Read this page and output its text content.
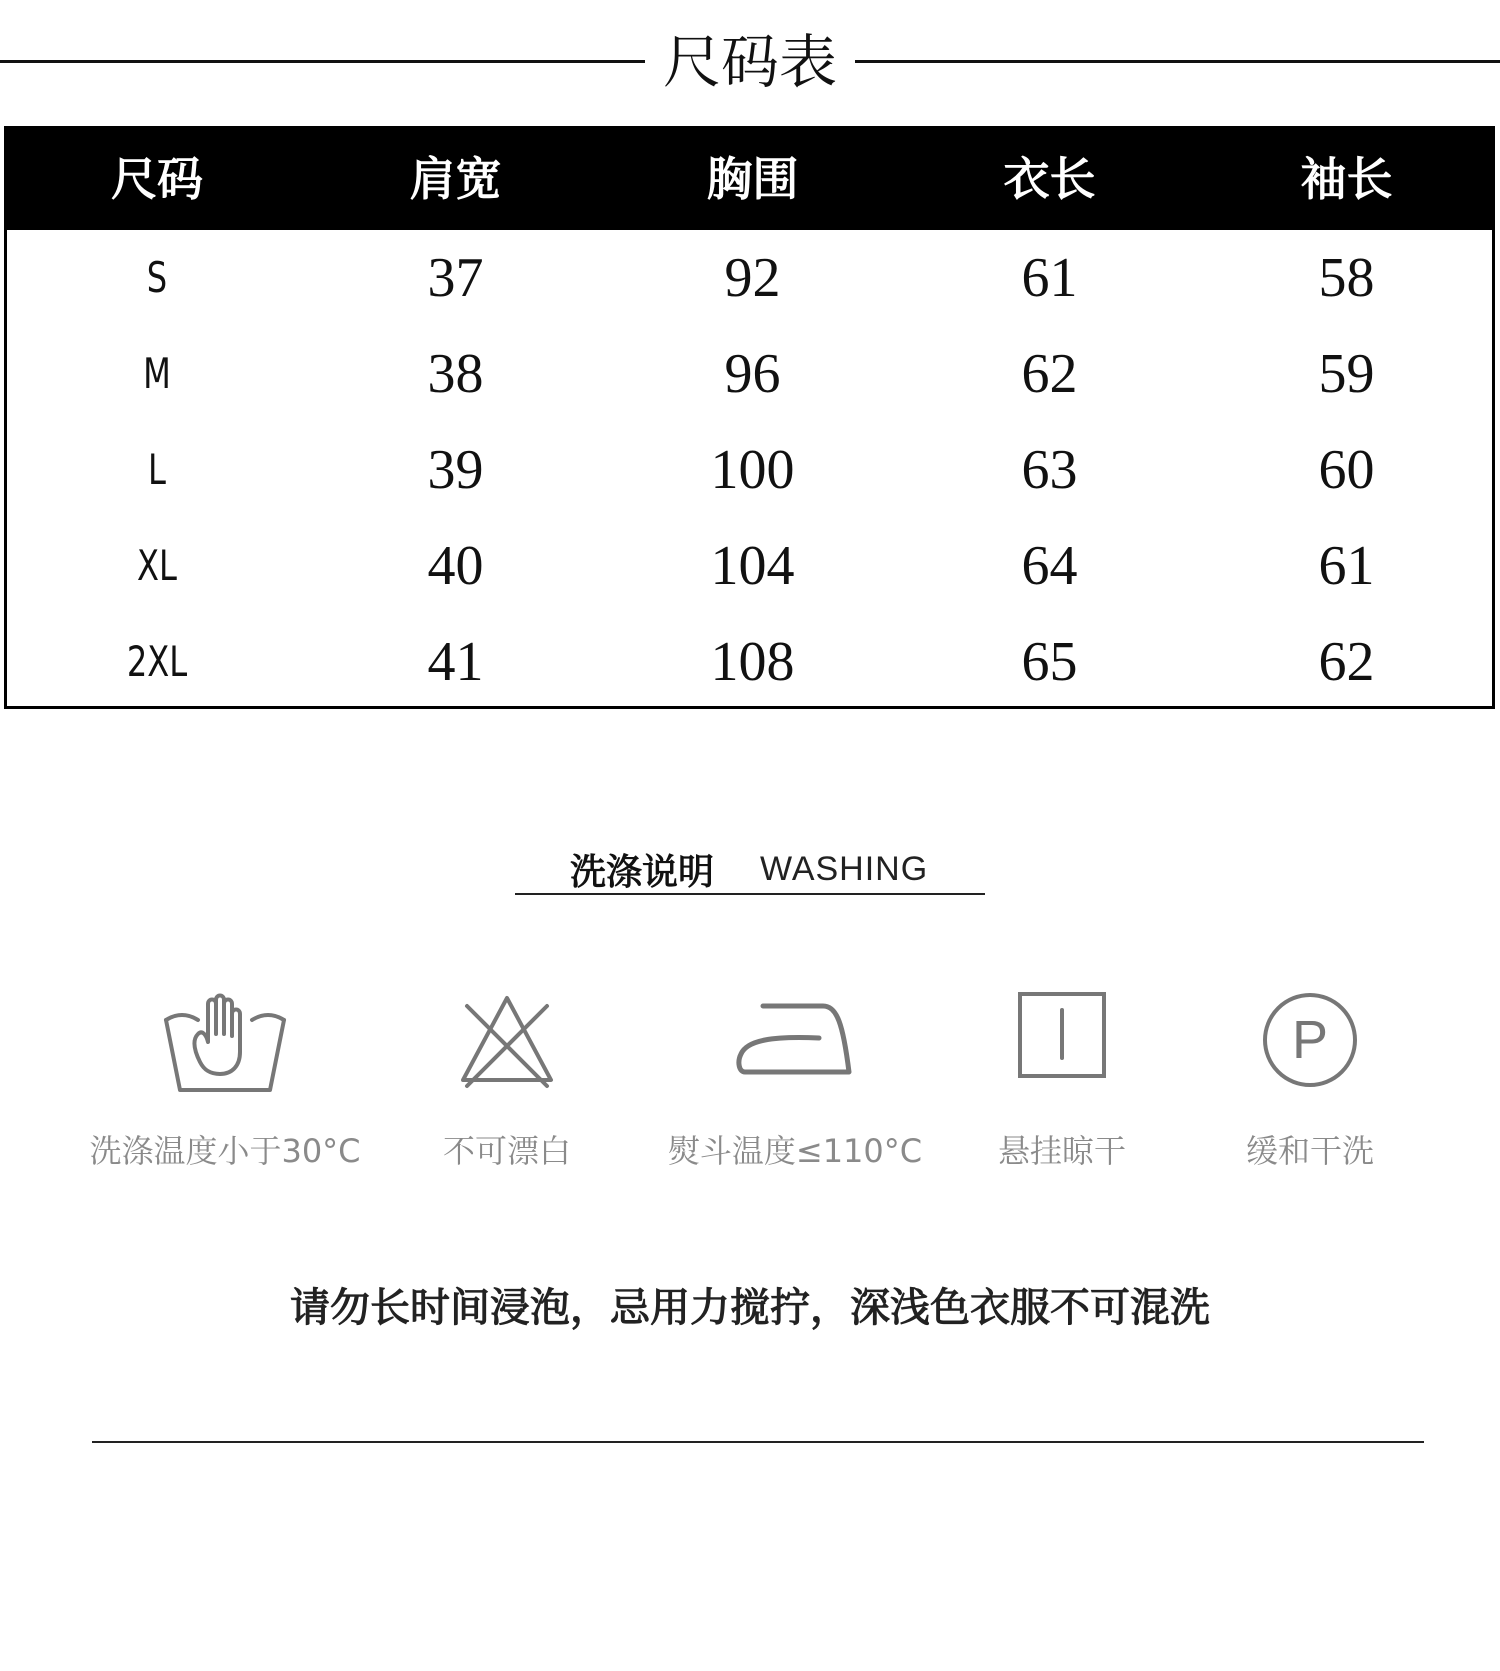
尺码表
尺码	肩宽	胸围	衣长	袖长
S	37	92	61	58
M	38	96	62	59
L	39	100	63	60
XL	40	104	64	61
2XL	41	108	65	62
洗涤说明 WASHING
洗涤温度小于30°C	不可漂白	熨斗温度≤110°C	悬挂晾干
P
缓和干洗
请勿长时间浸泡，忌用力搅拧，深浅色衣服不可混洗
